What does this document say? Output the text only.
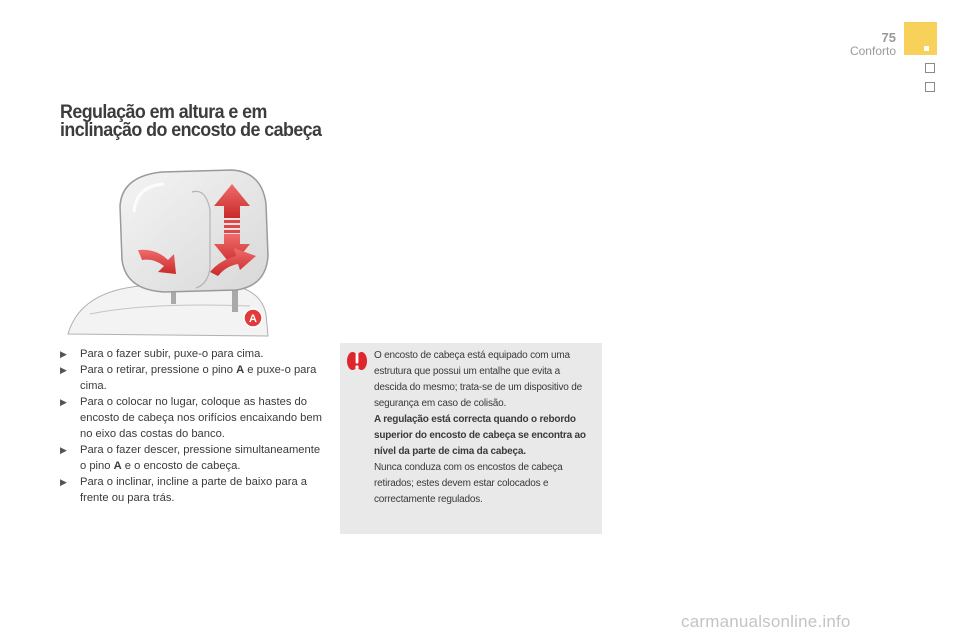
75
Conforto
Regulação em altura e em
inclinação do encosto de cabeça
A
▶ Para o fazer subir, puxe-o para cima.
▶ Para o retirar, pressione o pino A e puxe-o para cima.
▶ Para o colocar no lugar, coloque as hastes do encosto de cabeça nos orifícios encaixando bem no eixo das costas do banco.
▶ Para o fazer descer, pressione simultaneamente o pino A e o encosto de cabeça.
▶ Para o inclinar, incline a parte de baixo para a frente ou para trás.

O encosto de cabeça está equipado com uma estrutura que possui um entalhe que evita a descida do mesmo; trata-se de um dispositivo de segurança em caso de colisão.

A regulação está correcta quando o rebordo superior do encosto de cabeça se encontra ao nível da parte de cima da cabeça.

Nunca conduza com os encostos de cabeça retirados; estes devem estar colocados e correctamente regulados.

carmanualsonline.info
